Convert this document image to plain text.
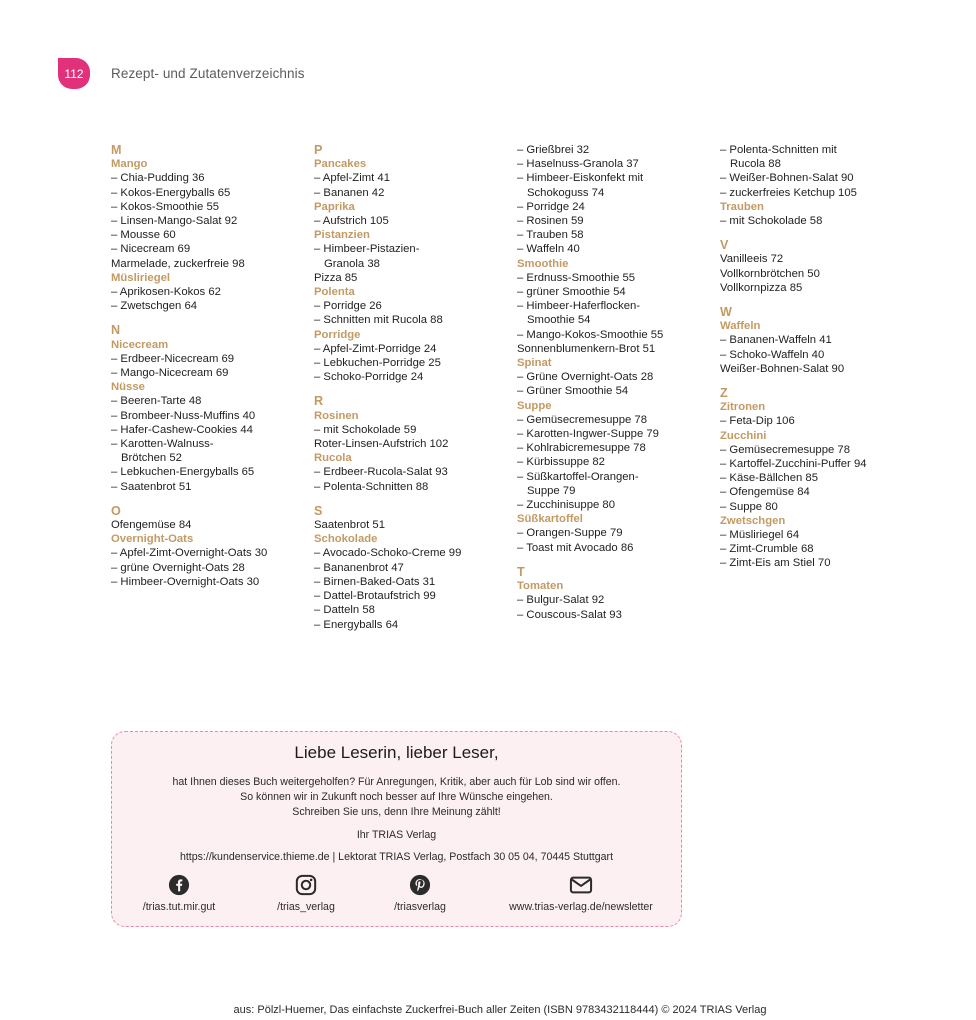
112 Rezept- und Zutatenverzeichnis
M
Mango
– Chia-Pudding 36
– Kokos-Energyballs 65
– Kokos-Smoothie 55
– Linsen-Mango-Salat 92
– Mousse 60
– Nicecream 69
Marmelade, zuckerfreie 98
Müsliriegel
– Aprikosen-Kokos 62
– Zwetschgen 64
N
Nicecream
– Erdbeer-Nicecream 69
– Mango-Nicecream 69
Nüsse
– Beeren-Tarte 48
– Brombeer-Nuss-Muffins 40
– Hafer-Cashew-Cookies 44
– Karotten-Walnuss-
Brötchen 52
– Lebkuchen-Energyballs 65
– Saatenbrot 51
O
Ofengemüse 84
Overnight-Oats
– Apfel-Zimt-Overnight-Oats 30
– grüne Overnight-Oats 28
– Himbeer-Overnight-Oats 30
P
Pancakes
– Apfel-Zimt 41
– Bananen 42
Paprika
– Aufstrich 105
Pistanzien
– Himbeer-Pistazien-
Granola 38
Pizza 85
Polenta
– Porridge 26
– Schnitten mit Rucola 88
Porridge
– Apfel-Zimt-Porridge 24
– Lebkuchen-Porridge 25
– Schoko-Porridge 24
R
Rosinen
– mit Schokolade 59
Roter-Linsen-Aufstrich 102
Rucola
– Erdbeer-Rucola-Salat 93
– Polenta-Schnitten 88
S
Saatenbrot 51
Schokolade
– Avocado-Schoko-Creme 99
– Bananenbrot 47
– Birnen-Baked-Oats 31
– Dattel-Brotaufstrich 99
– Datteln 58
– Energyballs 64
– Grießbrei 32
– Haselnuss-Granola 37
– Himbeer-Eiskonfekt mit
Schokoguss 74
– Porridge 24
– Rosinen 59
– Trauben 58
– Waffeln 40
Smoothie
– Erdnuss-Smoothie 55
– grüner Smoothie 54
– Himbeer-Haferflocken-
Smoothie 54
– Mango-Kokos-Smoothie 55
Sonnenblumenkern-Brot 51
Spinat
– Grüne Overnight-Oats 28
– Grüner Smoothie 54
Suppe
– Gemüsecremesuppe 78
– Karotten-Ingwer-Suppe 79
– Kohlrabicremesuppe 78
– Kürbissuppe 82
– Süßkartoffel-Orangen-
Suppe 79
– Zucchinisuppe 80
Süßkartoffel
– Orangen-Suppe 79
– Toast mit Avocado 86
T
Tomaten
– Bulgur-Salat 92
– Couscous-Salat 93
– Polenta-Schnitten mit
Rucola 88
– Weißer-Bohnen-Salat 90
– zuckerfreies Ketchup 105
Trauben
– mit Schokolade 58
V
Vanilleeis 72
Vollkornbrötchen 50
Vollkornpizza 85
W
Waffeln
– Bananen-Waffeln 41
– Schoko-Waffeln 40
Weißer-Bohnen-Salat 90
Z
Zitronen
– Feta-Dip 106
Zucchini
– Gemüsecremesuppe 78
– Kartoffel-Zucchini-Puffer 94
– Käse-Bällchen 85
– Ofengemüse 84
– Suppe 80
Zwetschgen
– Müsliriegel 64
– Zimt-Crumble 68
– Zimt-Eis am Stiel 70
Liebe Leserin, lieber Leser,
hat Ihnen dieses Buch weitergeholfen? Für Anregungen, Kritik, aber auch für Lob sind wir offen.
So können wir in Zukunft noch besser auf Ihre Wünsche eingehen.
Schreiben Sie uns, denn Ihre Meinung zählt!
Ihr TRIAS Verlag
https://kundenservice.thieme.de | Lektorat TRIAS Verlag, Postfach 30 05 04, 70445 Stuttgart
/trias.tut.mir.gut	/trias_verlag	/triasverlag	www.trias-verlag.de/newsletter
aus: Pölzl-Huemer, Das einfachste Zuckerfrei-Buch aller Zeiten (ISBN 9783432118444) © 2024 TRIAS Verlag
